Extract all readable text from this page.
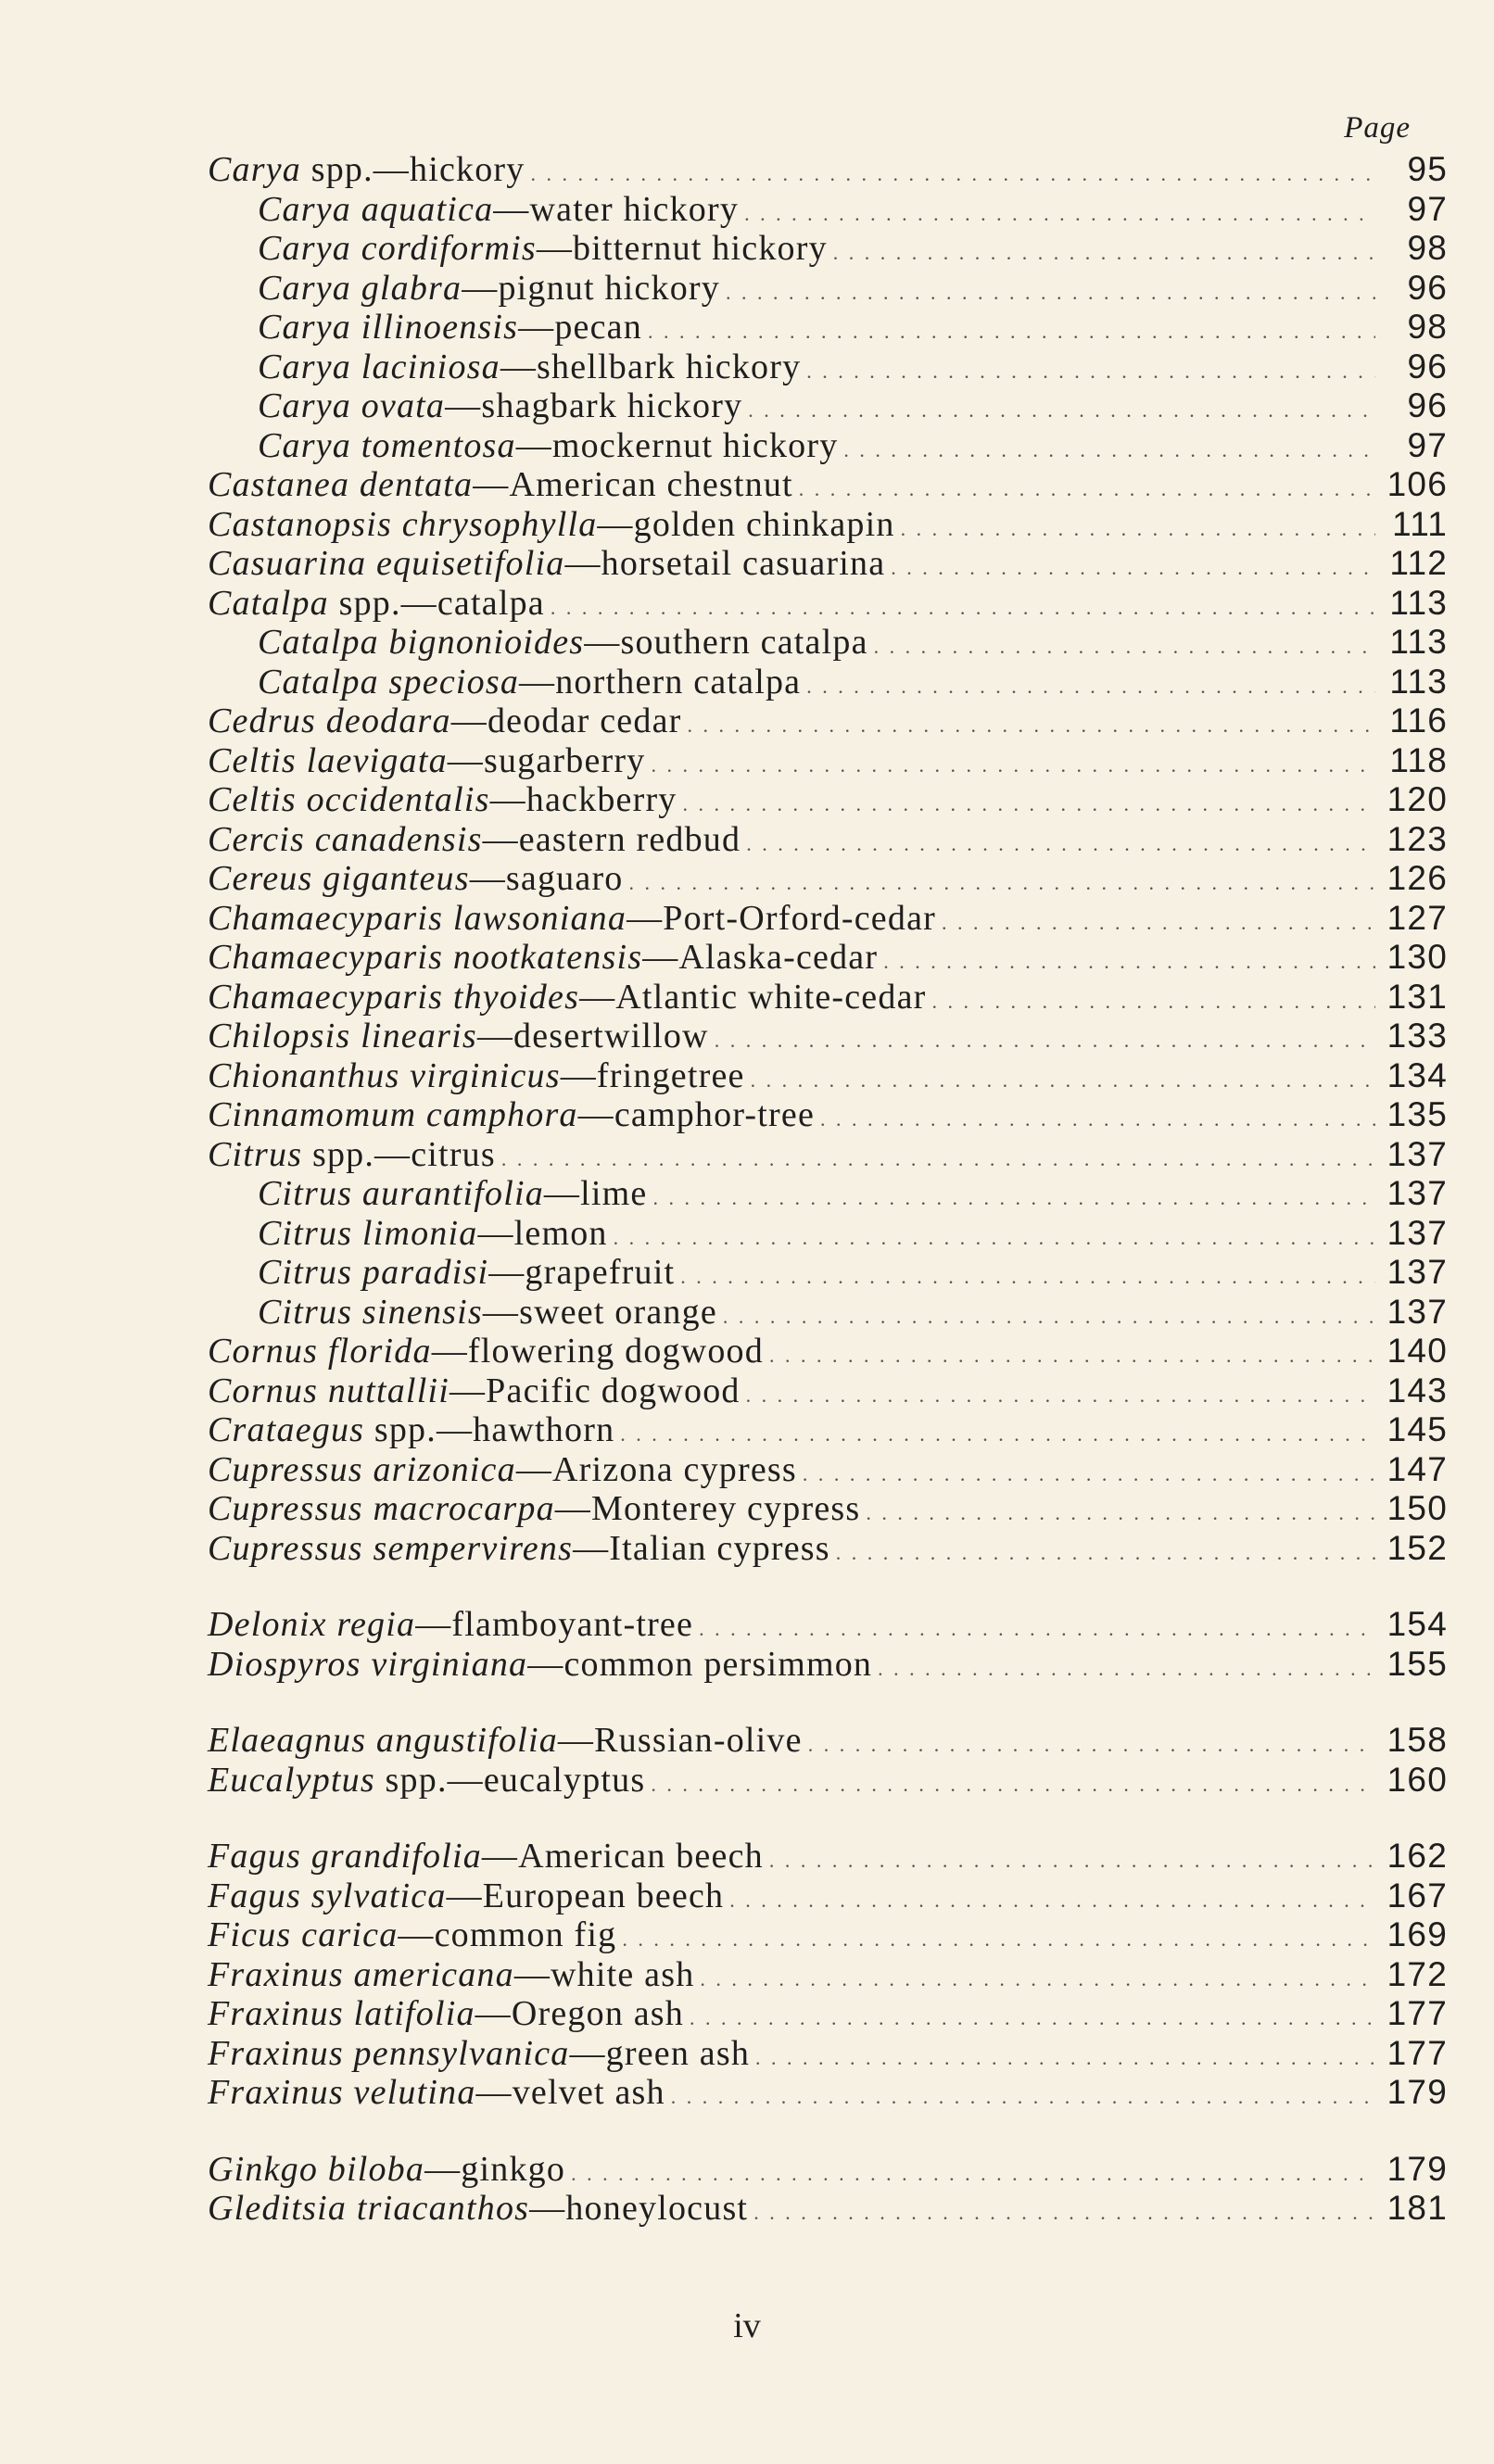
Page
Carya spp.—hickory . . .	95
Carya aquatica —water hickory . . .	97
Carya cordiformis —bitternut hickory . . .	98
Carya glabra —pignut hickory . . .	96
Carya illinoensis —pecan . . .	98
Carya laciniosa —shellbark hickory . . .	96
Carya ovata —shagbark hickory . . .	96
Carya tomentosa —mockernut hickory . . .	97
Castanea dentata —American chestnut . . .	106
Castanopsis chrysophylla —golden chinkapin . . .	111
Casuarina equisetifolia —horsetail casuarina . . .	112
Catalpa spp.—catalpa . . .	113
Catalpa bignonioides —southern catalpa . . .	113
Catalpa speciosa —northern catalpa . . .	113
Cedrus deodara —deodar cedar . . .	116
Celtis laevigata —sugarberry . . .	118
Celtis occidentalis —hackberry . . .	120
Cercis canadensis —eastern redbud . . .	123
Cereus giganteus —saguaro . . .	126
Chamaecyparis lawsoniana —Port-Orford-cedar . . .	127
Chamaecyparis nootkatensis —Alaska-cedar . . .	130
Chamaecyparis thyoides —Atlantic white-cedar . . .	131
Chilopsis linearis —desertwillow . . .	133
Chionanthus virginicus —fringetree . . .	134
Cinnamomum camphora —camphor-tree . . .	135
Citrus spp.—citrus . . .	137
Citrus aurantifolia —lime . . .	137
Citrus limonia —lemon . . .	137
Citrus paradisi —grapefruit . . .	137
Citrus sinensis —sweet orange . . .	137
Cornus florida —flowering dogwood . . .	140
Cornus nuttallii —Pacific dogwood . . .	143
Crataegus spp.—hawthorn . . .	145
Cupressus arizonica —Arizona cypress . . .	147
Cupressus macrocarpa —Monterey cypress . . .	150
Cupressus sempervirens —Italian cypress . . .	152
Delonix regia —flamboyant-tree . . .	154
Diospyros virginiana —common persimmon . . .	155
Elaeagnus angustifolia —Russian-olive . . .	158
Eucalyptus spp.—eucalyptus . . .	160
Fagus grandifolia —American beech . . .	162
Fagus sylvatica —European beech . . .	167
Ficus carica —common fig . . .	169
Fraxinus americana —white ash . . .	172
Fraxinus latifolia —Oregon ash . . .	177
Fraxinus pennsylvanica —green ash . . .	177
Fraxinus velutina —velvet ash . . .	179
Ginkgo biloba —ginkgo . . .	179
Gleditsia triacanthos —honeylocust . . .	181
iv
